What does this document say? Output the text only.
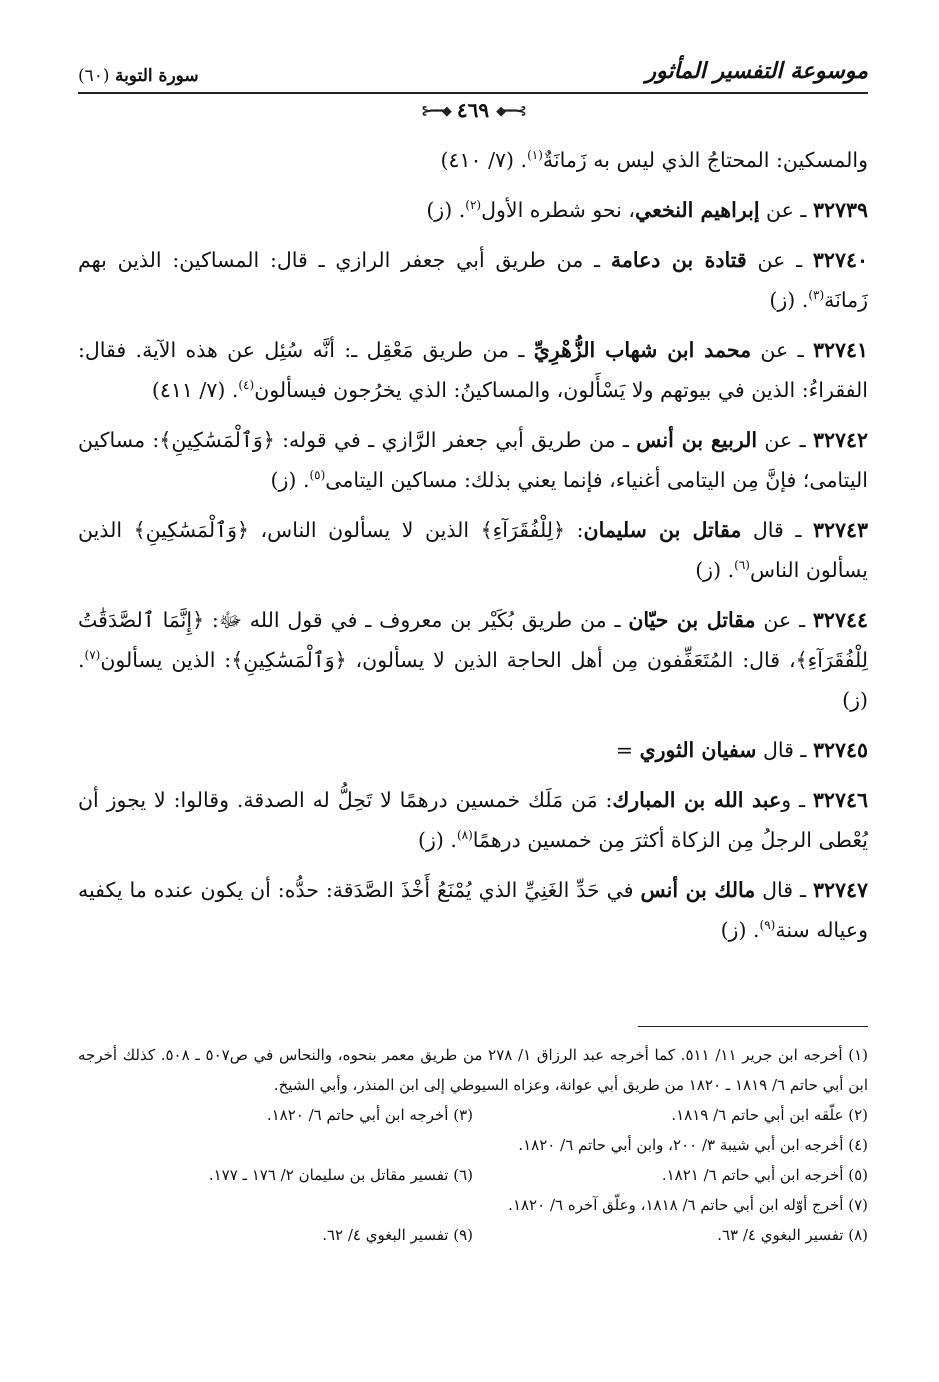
موسوعة التفسير المأثور
سورة التوبة (٦٠)
⊱━━◆ ٤٦٩ ◆━━⊰

والمسكين: المحتاجُ الذي ليس به زَمانَةٌ$^{(١)}$. (٧/ ٤١٠)

٣٢٧٣٩ ـ عن إبراهيم النخعي، نحو شطره الأول$^{(٢)}$. (ز)

٣٢٧٤٠ ـ عن قتادة بن دعامة ـ من طريق أبي جعفر الرازي ـ قال: المساكين: الذين بهم زَمانَة$^{(٣)}$. (ز)

٣٢٧٤١ ـ عن محمد ابن شهاب الزُّهْرِيِّ ـ من طريق مَعْقِل ـ: أنَّه سُئِل عن هذه الآية. فقال: الفقراءُ: الذين في بيوتهم ولا يَسْأَلون، والمساكينُ: الذي يخرُجون فيسألون$^{(٤)}$. (٧/ ٤١١)

٣٢٧٤٢ ـ عن الربيع بن أنس ـ من طريق أبي جعفر الرَّازي ـ في قوله: ﴿وَٱلْمَسَٰكِينِ﴾: مساكين اليتامى؛ فإنَّ مِن اليتامى أغنياء، فإنما يعني بذلك: مساكين اليتامى$^{(٥)}$. (ز)

٣٢٧٤٣ ـ قال مقاتل بن سليمان: ﴿لِلْفُقَرَآءِ﴾ الذين لا يسألون الناس، ﴿وَٱلْمَسَٰكِينِ﴾ الذين يسألون الناس$^{(٦)}$. (ز)

٣٢٧٤٤ ـ عن مقاتل بن حيّان ـ من طريق بُكَيْر بن معروف ـ في قول الله ﷻ: ﴿إِنَّمَا ٱلصَّدَقَٰتُ لِلْفُقَرَآءِ﴾، قال: المُتَعَفِّفون مِن أهل الحاجة الذين لا يسألون، ﴿وَٱلْمَسَٰكِينِ﴾: الذين يسألون$^{(٧)}$. (ز)

٣٢٧٤٥ ـ قال سفيان الثوري =

٣٢٧٤٦ ـ وعبد الله بن المبارك: مَن مَلَك خمسين درهمًا لا تَحِلُّ له الصدقة. وقالوا: لا يجوز أن يُعْطى الرجلُ مِن الزكاة أكثرَ مِن خمسين درهمًا$^{(٨)}$. (ز)

٣٢٧٤٧ ـ قال مالك بن أنس في حَدِّ الغَنِيِّ الذي يُمْنَعُ أَخْذَ الصَّدَقة: حدُّه: أن يكون عنده ما يكفيه وعياله سنة$^{(٩)}$. (ز)

(١) أخرجه ابن جرير ١١/ ٥١١. كما أخرجه عبد الرزاق ١/ ٢٧٨ من طريق معمر بنحوه، والنحاس في ص٥٠٧ ـ ٥٠٨. كذلك أخرجه ابن أبي حاتم ٦/ ١٨١٩ ـ ١٨٢٠ من طريق أبي عوانة، وعزاه السيوطي إلى ابن المنذر، وأبي الشيخ.
(٢) علّقه ابن أبي حاتم ٦/ ١٨١٩.
(٣) أخرجه ابن أبي حاتم ٦/ ١٨٢٠.
(٤) أخرجه ابن أبي شيبة ٣/ ٢٠٠، وابن أبي حاتم ٦/ ١٨٢٠.
(٥) أخرجه ابن أبي حاتم ٦/ ١٨٢١.
(٦) تفسير مقاتل بن سليمان ٢/ ١٧٦ ـ ١٧٧.
(٧) أخرج أوّله ابن أبي حاتم ٦/ ١٨١٨، وعلّق آخره ٦/ ١٨٢٠.
(٨) تفسير البغوي ٤/ ٦٣.
(٩) تفسير البغوي ٤/ ٦٢.
